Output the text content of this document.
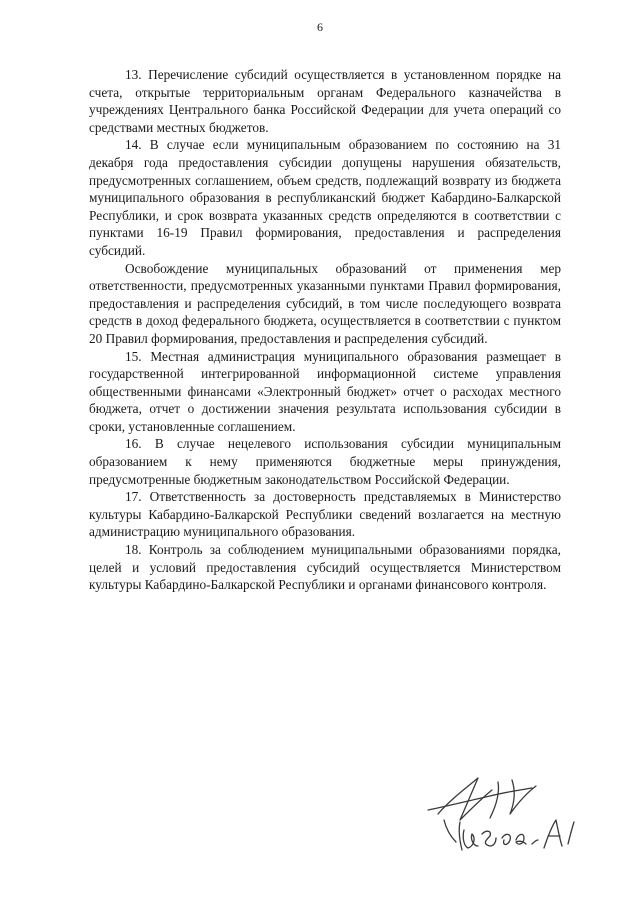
6

13. Перечисление субсидий осуществляется в установленном порядке на счета, открытые территориальным органам Федерального казначейства в учреждениях Центрального банка Российской Федерации для учета операций со средствами местных бюджетов.

14. В случае если муниципальным образованием по состоянию на 31 декабря года предоставления субсидии допущены нарушения обязательств, предусмотренных соглашением, объем средств, подлежащий возврату из бюджета муниципального образования в республиканский бюджет Кабардино-Балкарской Республики, и срок возврата указанных средств определяются в соответствии с пунктами 16-19 Правил формирования, предоставления и распределения субсидий.

Освобождение муниципальных образований от применения мер ответственности, предусмотренных указанными пунктами Правил формирования, предоставления и распределения субсидий, в том числе последующего возврата средств в доход федерального бюджета, осуществляется в соответствии с пунктом 20 Правил формирования, предоставления и распределения субсидий.

15. Местная администрация муниципального образования размещает в государственной интегрированной информационной системе управления общественными финансами «Электронный бюджет» отчет о расходах местного бюджета, отчет о достижении значения результата использования субсидии в сроки, установленные соглашением.

16. В случае нецелевого использования субсидии муниципальным образованием к нему применяются бюджетные меры принуждения, предусмотренные бюджетным законодательством Российской Федерации.

17. Ответственность за достоверность представляемых в Министерство культуры Кабардино-Балкарской Республики сведений возлагается на местную администрацию муниципального образования.

18. Контроль за соблюдением муниципальными образованиями порядка, целей и условий предоставления субсидий осуществляется Министерством культуры Кабардино-Балкарской Республики и органами финансового контроля.
